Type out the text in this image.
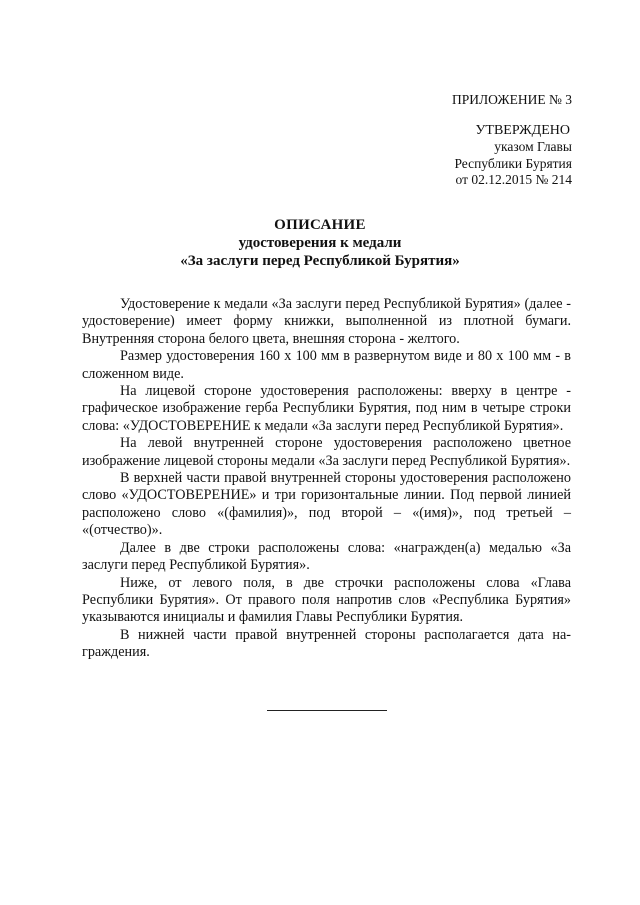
ПРИЛОЖЕНИЕ № 3
УТВЕРЖДЕНО
указом Главы
Республики Бурятия
от 02.12.2015 № 214
ОПИСАНИЕ
удостоверения к медали
«За заслуги перед Республикой Бурятия»

Удостоверение к медали «За заслуги перед Республикой Бурятия» (далее - удостоверение) имеет форму книжки, выполненной из плотной бумаги. Внутренняя сторона белого цвета, внешняя сторона - желтого.

Размер удостоверения 160 х 100 мм в развернутом виде и 80 х 100 мм - в сложенном виде.

На лицевой стороне удостоверения расположены: вверху в центре - графическое изображение герба Республики Бурятия, под ним в четыре строки слова: «УДОСТОВЕРЕНИЕ к медали «За заслуги перед Республикой Бурятия».

На левой внутренней стороне удостоверения расположено цветное изображение лицевой стороны медали «За заслуги перед Республикой Бурятия».

В верхней части правой внутренней стороны удостоверения расположено слово «УДОСТОВЕРЕНИЕ» и три горизонтальные линии. Под первой линией расположено слово «(фамилия)», под второй – «(имя)», под третьей – «(отчество)».

Далее в две строки расположены слова: «награжден(а) медалью «За заслуги перед Республикой Бурятия».

Ниже, от левого поля, в две строчки расположены слова «Глава Республики Бурятия». От правого поля напротив слов «Республика Бурятия» указываются инициалы и фамилия Главы Республики Бурятия.

В нижней части правой внутренней стороны располагается дата награждения.
